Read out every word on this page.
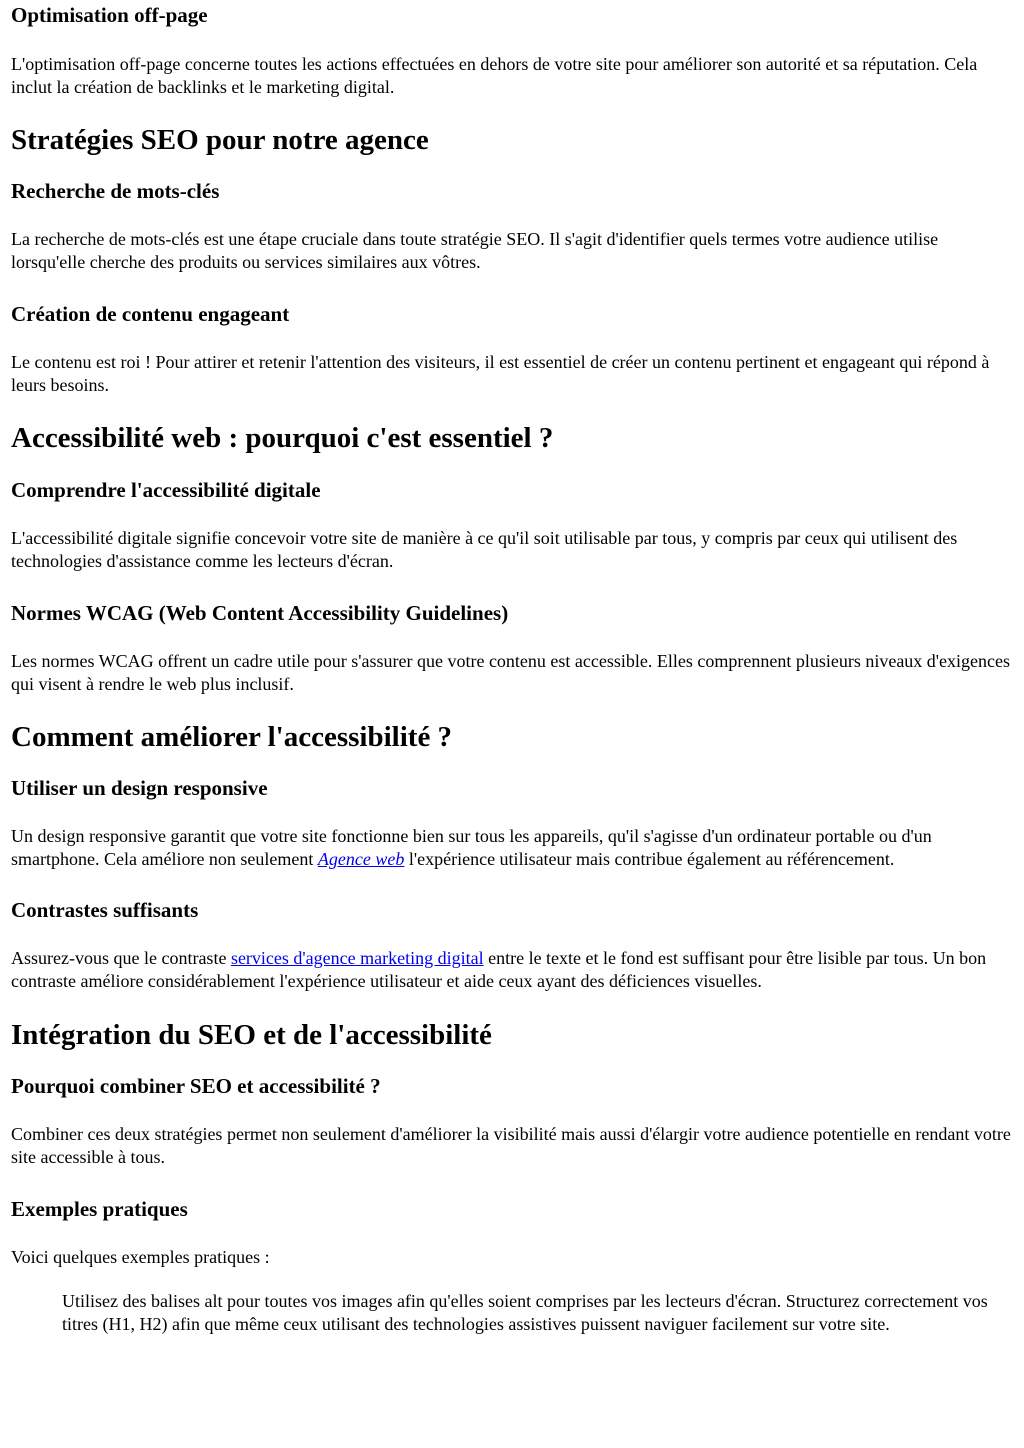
Optimisation off-page

L'optimisation off-page concerne toutes les actions effectuées en dehors de votre site pour améliorer son autorité et sa réputation. Cela inclut la création de backlinks et le marketing digital.

Stratégies SEO pour notre agence
Recherche de mots-clés

La recherche de mots-clés est une étape cruciale dans toute stratégie SEO. Il s'agit d'identifier quels termes votre audience utilise lorsqu'elle cherche des produits ou services similaires aux vôtres.

Création de contenu engageant

Le contenu est roi ! Pour attirer et retenir l'attention des visiteurs, il est essentiel de créer un contenu pertinent et engageant qui répond à leurs besoins.

Accessibilité web : pourquoi c'est essentiel ?
Comprendre l'accessibilité digitale

L'accessibilité digitale signifie concevoir votre site de manière à ce qu'il soit utilisable par tous, y compris par ceux qui utilisent des technologies d'assistance comme les lecteurs d'écran.

Normes WCAG (Web Content Accessibility Guidelines)

Les normes WCAG offrent un cadre utile pour s'assurer que votre contenu est accessible. Elles comprennent plusieurs niveaux d'exigences qui visent à rendre le web plus inclusif.

Comment améliorer l'accessibilité ?
Utiliser un design responsive

Un design responsive garantit que votre site fonctionne bien sur tous les appareils, qu'il s'agisse d'un ordinateur portable ou d'un smartphone. Cela améliore non seulement Agence web l'expérience utilisateur mais contribue également au référencement.

Contrastes suffisants

Assurez-vous que le contraste services d'agence marketing digital entre le texte et le fond est suffisant pour être lisible par tous. Un bon contraste améliore considérablement l'expérience utilisateur et aide ceux ayant des déficiences visuelles.

Intégration du SEO et de l'accessibilité
Pourquoi combiner SEO et accessibilité ?

Combiner ces deux stratégies permet non seulement d'améliorer la visibilité mais aussi d'élargir votre audience potentielle en rendant votre site accessible à tous.

Exemples pratiques

Voici quelques exemples pratiques :

Utilisez des balises alt pour toutes vos images afin qu'elles soient comprises par les lecteurs d'écran. Structurez correctement vos titres (H1, H2) afin que même ceux utilisant des technologies assistives puissent naviguer facilement sur votre site.
